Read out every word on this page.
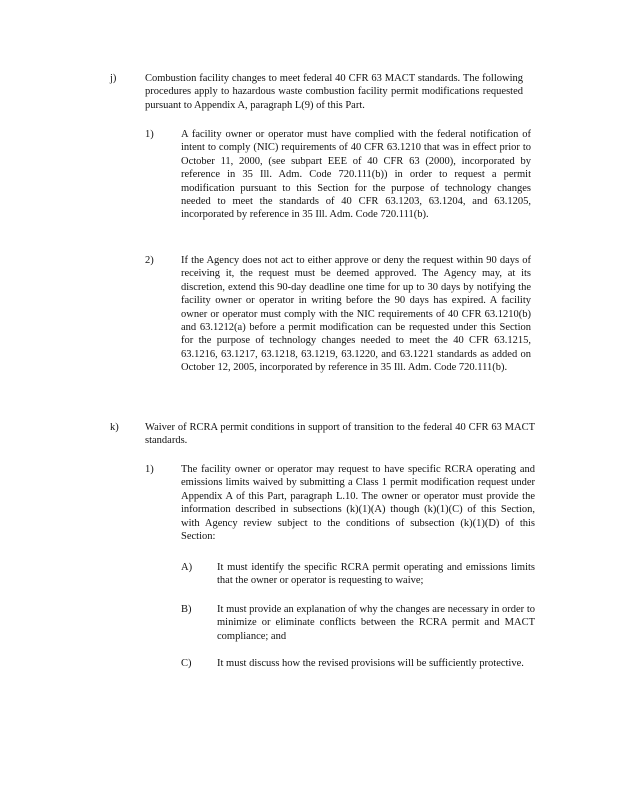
j)	Combustion facility changes to meet federal 40 CFR 63 MACT standards. The following procedures apply to hazardous waste combustion facility permit modifications requested pursuant to Appendix A, paragraph L(9) of this Part.
1)	A facility owner or operator must have complied with the federal notification of intent to comply (NIC) requirements of 40 CFR 63.1210 that was in effect prior to October 11, 2000, (see subpart EEE of 40 CFR 63 (2000), incorporated by reference in 35 Ill. Adm. Code 720.111(b)) in order to request a permit modification pursuant to this Section for the purpose of technology changes needed to meet the standards of 40 CFR 63.1203, 63.1204, and 63.1205, incorporated by reference in 35 Ill. Adm. Code 720.111(b).
2)	If the Agency does not act to either approve or deny the request within 90 days of receiving it, the request must be deemed approved. The Agency may, at its discretion, extend this 90-day deadline one time for up to 30 days by notifying the facility owner or operator in writing before the 90 days has expired. A facility owner or operator must comply with the NIC requirements of 40 CFR 63.1210(b) and 63.1212(a) before a permit modification can be requested under this Section for the purpose of technology changes needed to meet the 40 CFR 63.1215, 63.1216, 63.1217, 63.1218, 63.1219, 63.1220, and 63.1221 standards as added on October 12, 2005, incorporated by reference in 35 Ill. Adm. Code 720.111(b).
k)	Waiver of RCRA permit conditions in support of transition to the federal 40 CFR 63 MACT standards.
1)	The facility owner or operator may request to have specific RCRA operating and emissions limits waived by submitting a Class 1 permit modification request under Appendix A of this Part, paragraph L.10. The owner or operator must provide the information described in subsections (k)(1)(A) though (k)(1)(C) of this Section, with Agency review subject to the conditions of subsection (k)(1)(D) of this Section:
A) It must identify the specific RCRA permit operating and emissions limits that the owner or operator is requesting to waive;
B) It must provide an explanation of why the changes are necessary in order to minimize or eliminate conflicts between the RCRA permit and MACT compliance; and
C) It must discuss how the revised provisions will be sufficiently protective.
